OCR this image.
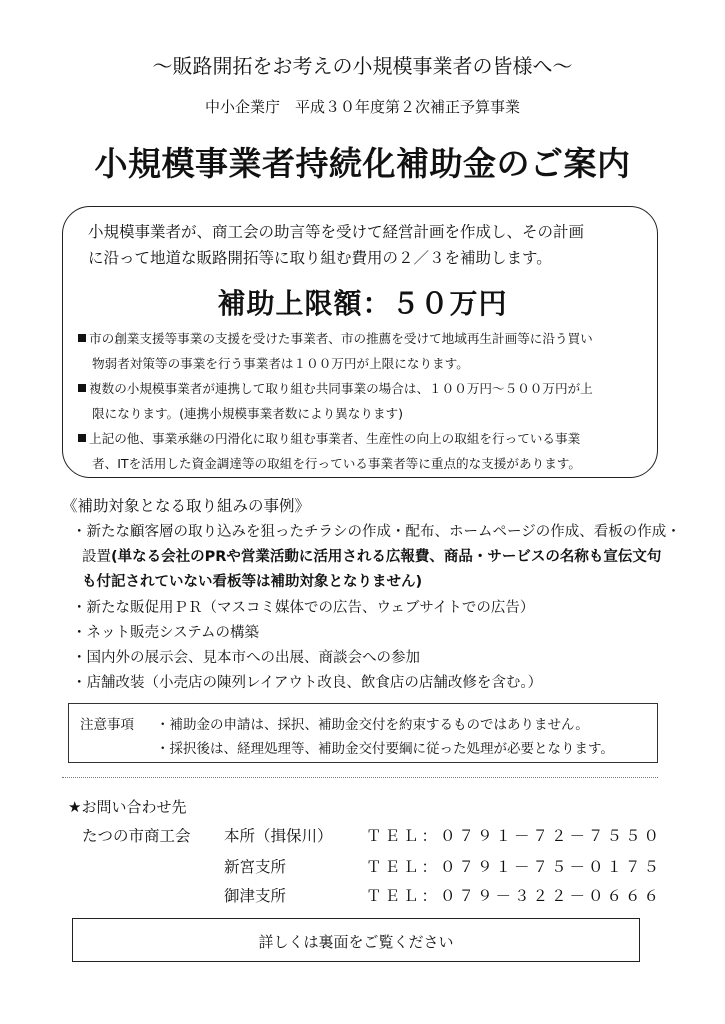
～販路開拓をお考えの小規模事業者の皆様へ～
中小企業庁　平成３０年度第２次補正予算事業
小規模事業者持続化補助金のご案内
小規模事業者が、商工会の助言等を受けて経営計画を作成し、その計画
に沿って地道な販路開拓等に取り組む費用の２／３を補助します。
補助上限額：５０万円
市の創業支援等事業の支援を受けた事業者、市の推薦を受けて地域再生計画等に沿う買い
物弱者対策等の事業を行う事業者は１００万円が上限になります。
複数の小規模事業者が連携して取り組む共同事業の場合は、１００万円～５００万円が上
限になります。(連携小規模事業者数により異なります)
上記の他、事業承継の円滑化に取り組む事業者、生産性の向上の取組を行っている事業
者、ITを活用した資金調達等の取組を行っている事業者等に重点的な支援があります。
《補助対象となる取り組みの事例》
・新たな顧客層の取り込みを狙ったチラシの作成・配布、ホームページの作成、看板の作成・
設置(単なる会社のPRや営業活動に活用される広報費、商品・サービスの名称も宣伝文句
も付記されていない看板等は補助対象となりません)
・新たな販促用ＰＲ（マスコミ媒体での広告、ウェブサイトでの広告）
・ネット販売システムの構築
・国内外の展示会、見本市への出展、商談会への参加
・店舗改装（小売店の陳列レイアウト改良、飲食店の店舗改修を含む。）
注意事項 ・補助金の申請は、採択、補助金交付を約束するものではありません。
・採択後は、経理処理等、補助金交付要綱に従った処理が必要となります。
★お問い合わせ先
たつの市商工会 本所（揖保川） ＴＥＬ：０７９１－７２－７５５０
新宮支所	ＴＥＬ：０７９１－７５－０１７５
御津支所	ＴＥＬ：０７９－３２２－０６６６
詳しくは裏面をご覧ください
